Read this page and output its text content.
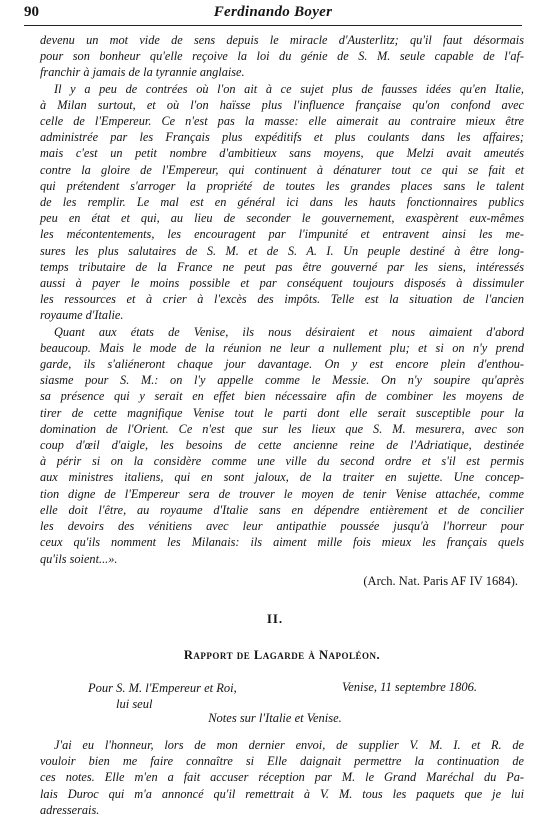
90	Ferdinando Boyer
devenu un mot vide de sens depuis le miracle d'Austerlitz; qu'il faut désormais
pour son bonheur qu'elle reçoive la loi du génie de S. M. seule capable de l'af-
franchir à jamais de la tyrannie anglaise.
Il y a peu de contrées où l'on ait à ce sujet plus de fausses idées qu'en Italie,
à Milan surtout, et où l'on haïsse plus l'influence française qu'on confond avec
celle de l'Empereur. Ce n'est pas la masse: elle aimerait au contraire mieux être
administrée par les Français plus expéditifs et plus coulants dans les affaires;
mais c'est un petit nombre d'ambitieux sans moyens, que Melzi avait ameutés
contre la gloire de l'Empereur, qui continuent à dénaturer tout ce qui se fait et
qui prétendent s'arroger la propriété de toutes les grandes places sans le talent
de les remplir. Le mal est en général ici dans les hauts fonctionnaires publics
peu en état et qui, au lieu de seconder le gouvernement, exaspèrent eux-mêmes
les mécontentements, les encouragent par l'impunité et entravent ainsi les me-
sures les plus salutaires de S. M. et de S. A. I. Un peuple destiné à être long-
temps tributaire de la France ne peut pas être gouverné par les siens, intéressés
aussi à payer le moins possible et par conséquent toujours disposés à dissimuler
les ressources et à crier à l'excès des impôts. Telle est la situation de l'ancien
royaume d'Italie.
Quant aux états de Venise, ils nous désiraient et nous aimaient d'abord
beaucoup. Mais le mode de la réunion ne leur a nullement plu; et si on n'y prend
garde, ils s'aliéneront chaque jour davantage. On y est encore plein d'enthou-
siasme pour S. M.: on l'y appelle comme le Messie. On n'y soupire qu'après
sa présence qui y serait en effet bien nécessaire afin de combiner les moyens de
tirer de cette magnifique Venise tout le parti dont elle serait susceptible pour la
domination de l'Orient. Ce n'est que sur les lieux que S. M. mesurera, avec son
coup d'œil d'aigle, les besoins de cette ancienne reine de l'Adriatique, destinée
à périr si on la considère comme une ville du second ordre et s'il est permis
aux ministres italiens, qui en sont jaloux, de la traiter en sujette. Une concep-
tion digne de l'Empereur sera de trouver le moyen de tenir Venise attachée, comme
elle doit l'être, au royaume d'Italie sans en dépendre entièrement et de concilier
les devoirs des vénitiens avec leur antipathie poussée jusqu'à l'horreur pour
ceux qu'ils nomment les Milanais: ils aiment mille fois mieux les français quels
qu'ils soient...».
(Arch. Nat. Paris AF IV 1684).
II.
Rapport de Lagarde à Napoléon.
Pour S. M. l'Empereur et Roi,
lui seul
Venise, 11 septembre 1806.
Notes sur l'Italie et Venise.
J'ai eu l'honneur, lors de mon dernier envoi, de supplier V. M. I. et R. de
vouloir bien me faire connaître si Elle daignait permettre la continuation de
ces notes. Elle m'en a fait accuser réception par M. le Grand Maréchal du Pa-
lais Duroc qui m'a annoncé qu'il remettrait à V. M. tous les paquets que je lui
adresserais.
